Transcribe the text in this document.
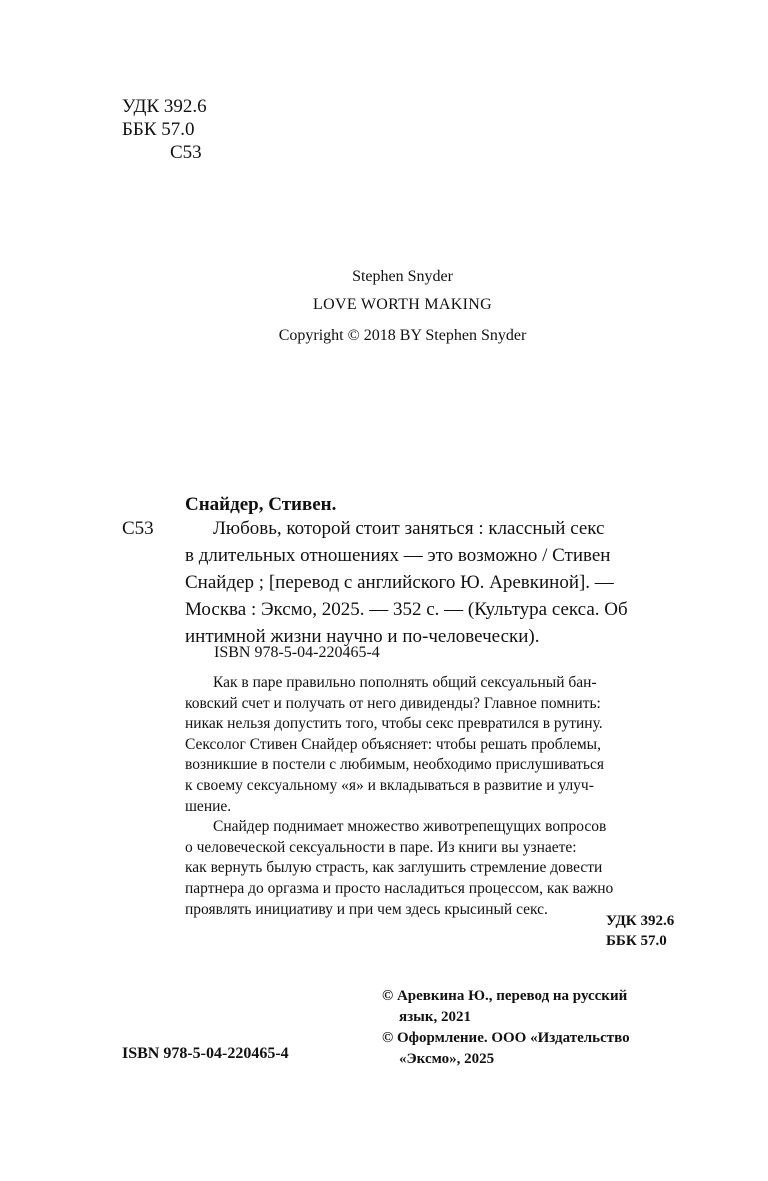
УДК 392.6

ББК 57.0

С53

Stephen Snyder

LOVE WORTH MAKING

Copyright © 2018 BY Stephen Snyder

Снайдер, Стивен.

С53	Любовь, которой стоит заняться : классный секс
в длительных отношениях — это возможно / Стивен
Снайдер ; [перевод с английского Ю. Аревкиной]. —
Москва : Эксмо, 2025. — 352 с. — (Культура секса. Об
интимной жизни научно и по-человечески).

ISBN 978-5-04-220465-4

Как в паре правильно пополнять общий сексуальный бан-
ковский счет и получать от него дивиденды? Главное помнить:
никак нельзя допустить того, чтобы секс превратился в рутину.
Сексолог Стивен Снайдер объясняет: чтобы решать проблемы,
возникшие в постели с любимым, необходимо прислушиваться
к своему сексуальному «я» и вкладываться в развитие и улуч-
шение.
Снайдер поднимает множество животрепещущих вопросов
о человеческой сексуальности в паре. Из книги вы узнаете:
как вернуть былую страсть, как заглушить стремление довести
партнера до оргазма и просто насладиться процессом, как важно
проявлять инициативу и при чем здесь крысиный секс.
УДК 392.6
ББК 57.0
© Аревкина Ю., перевод на русский
язык, 2021
© Оформление. ООО «Издательство
«Эксмо», 2025

ISBN 978-5-04-220465-4
